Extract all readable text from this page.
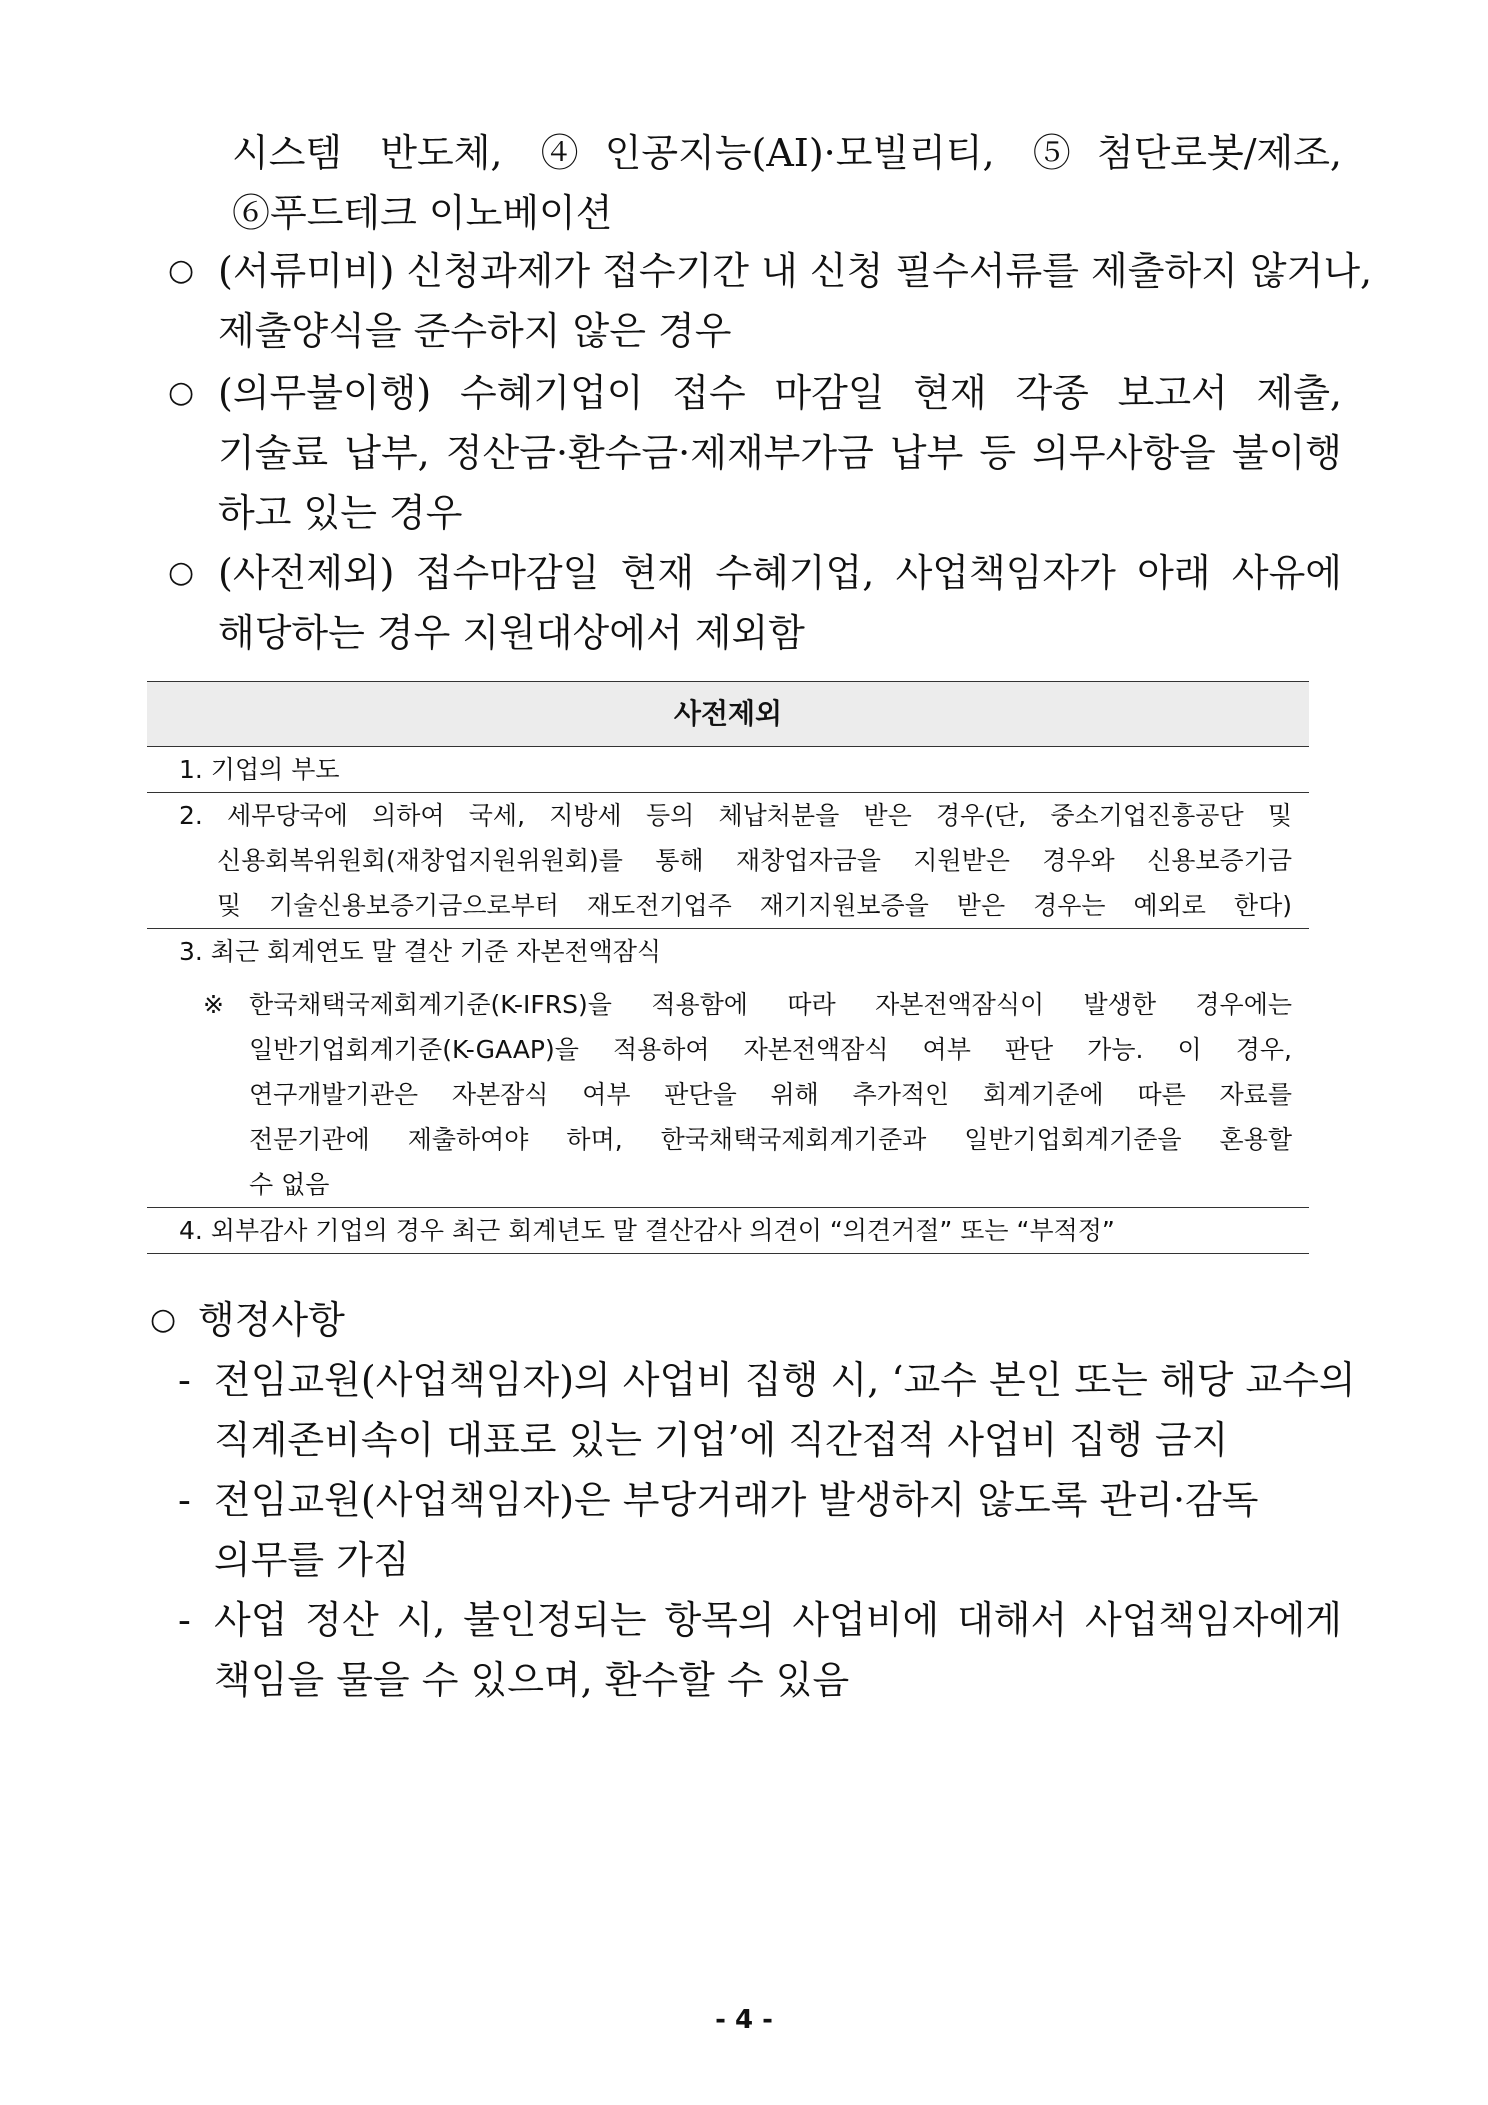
시스템 반도체, ④인공지능(AI)·모빌리티, ⑤첨단로봇/제조,
⑥푸드테크 이노베이션
○ (서류미비) 신청과제가 접수기간 내 신청 필수서류를 제출하지 않거나,
제출양식을 준수하지 않은 경우
○ (의무불이행) 수혜기업이 접수 마감일 현재 각종 보고서 제출,
기술료 납부, 정산금·환수금·제재부가금 납부 등 의무사항을 불이행
하고 있는 경우
○ (사전제외) 접수마감일 현재 수혜기업, 사업책임자가 아래 사유에
해당하는 경우 지원대상에서 제외함
사전제외
1. 기업의 부도
2. 세무당국에 의하여 국세, 지방세 등의 체납처분을 받은 경우(단, 중소기업진흥공단 및
신용회복위원회(재창업지원위원회)를 통해 재창업자금을 지원받은 경우와 신용보증기금
및 기술신용보증기금으로부터 재도전기업주 재기지원보증을 받은 경우는 예외로 한다)
3. 최근 회계연도 말 결산 기준 자본전액잠식
※ 한국채택국제회계기준(K-IFRS)을 적용함에 따라 자본전액잠식이 발생한 경우에는
일반기업회계기준(K-GAAP)을 적용하여 자본전액잠식 여부 판단 가능. 이 경우,
연구개발기관은 자본잠식 여부 판단을 위해 추가적인 회계기준에 따른 자료를
전문기관에 제출하여야 하며, 한국채택국제회계기준과 일반기업회계기준을 혼용할
수 없음
4. 외부감사 기업의 경우 최근 회계년도 말 결산감사 의견이 “의견거절” 또는 “부적정”
○ 행정사항
- 전임교원(사업책임자)의 사업비 집행 시, ‘교수 본인 또는 해당 교수의
직계존비속이 대표로 있는 기업’에 직간접적 사업비 집행 금지
- 전임교원(사업책임자)은 부당거래가 발생하지 않도록 관리·감독
의무를 가짐
- 사업 정산 시, 불인정되는 항목의 사업비에 대해서 사업책임자에게
책임을 물을 수 있으며, 환수할 수 있음
- 4 -
